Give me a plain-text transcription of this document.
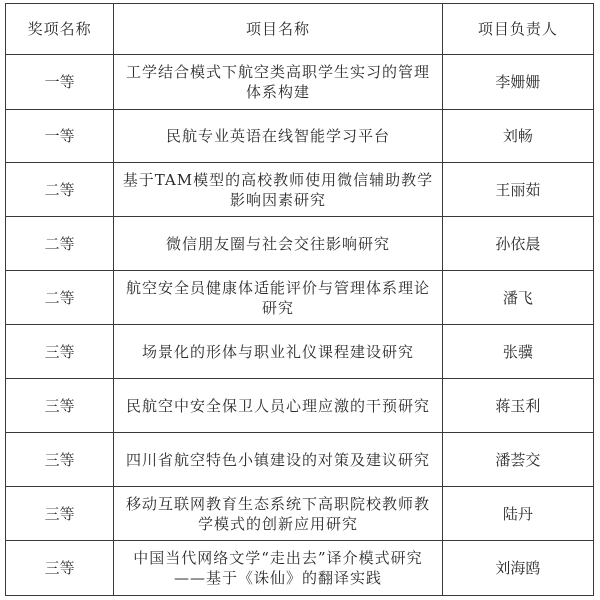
奖项名称	项目名称	项目负责人
一等	工学结合模式下航空类高职学生实习的管理体系构建	李姗姗
一等	民航专业英语在线智能学习平台	刘畅
二等	基于TAM模型的高校教师使用微信辅助教学影响因素研究	王丽茹
二等	微信朋友圈与社会交往影响研究	孙依晨
二等	航空安全员健康体适能评价与管理体系理论研究	潘飞
三等	场景化的形体与职业礼仪课程建设研究	张骥
三等	民航空中安全保卫人员心理应激的干预研究	蒋玉利
三等	四川省航空特色小镇建设的对策及建议研究	潘荟交
三等	移动互联网教育生态系统下高职院校教师教学模式的创新应用研究	陆丹
三等	中国当代网络文学“走出去”译介模式研究——基于《诛仙》的翻译实践	刘海鸥
